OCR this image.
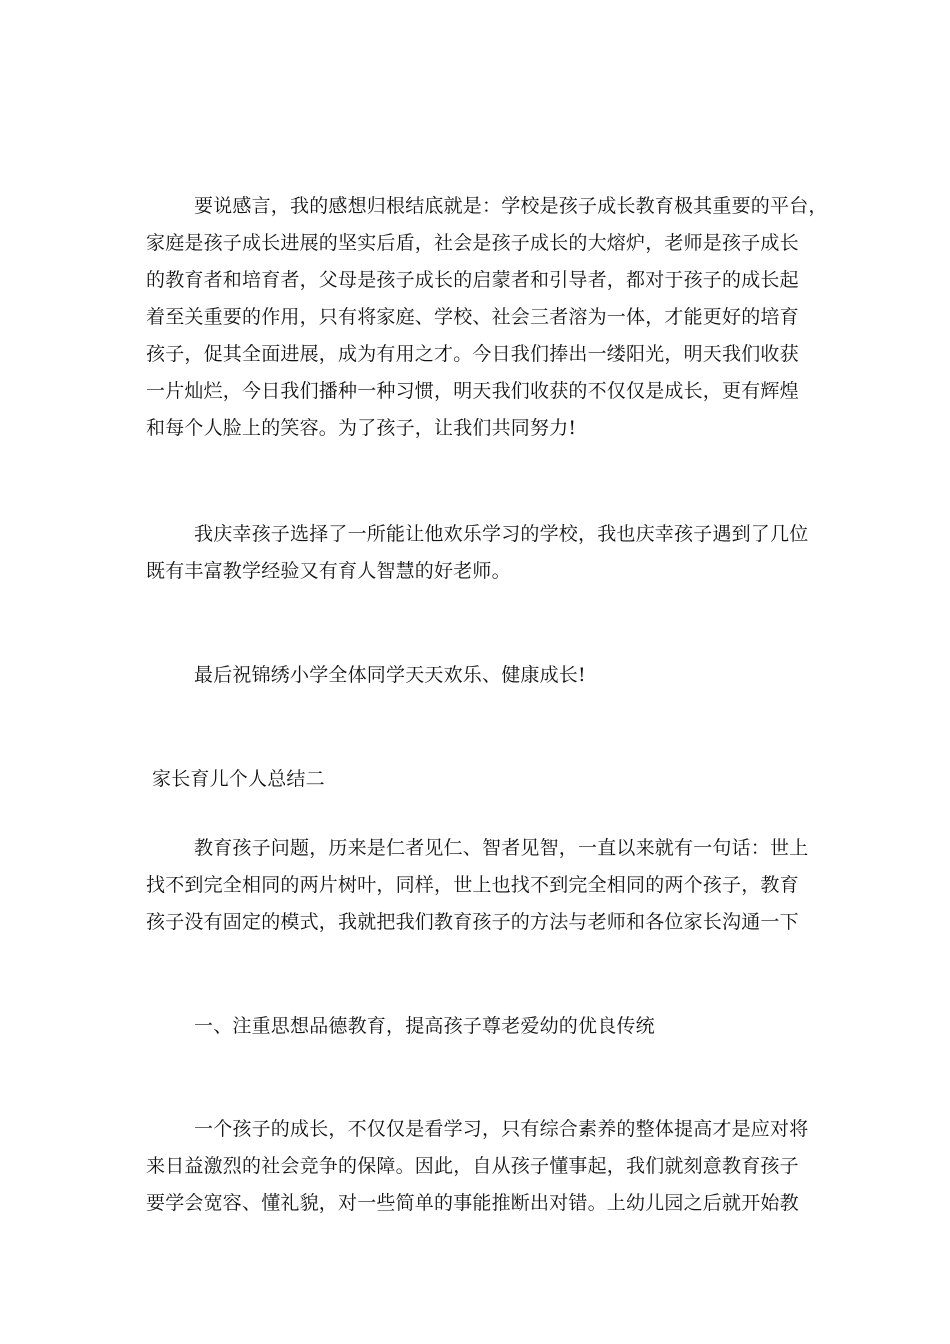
要说感言，我的感想归根结底就是：学校是孩子成长教育极其重要的平台，
家庭是孩子成长进展的坚实后盾，社会是孩子成长的大熔炉，老师是孩子成长
的教育者和培育者，父母是孩子成长的启蒙者和引导者，都对于孩子的成长起
着至关重要的作用，只有将家庭、学校、社会三者溶为一体，才能更好的培育
孩子，促其全面进展，成为有用之才。今日我们捧出一缕阳光，明天我们收获
一片灿烂，今日我们播种一种习惯，明天我们收获的不仅仅是成长，更有辉煌
和每个人脸上的笑容。为了孩子，让我们共同努力!
我庆幸孩子选择了一所能让他欢乐学习的学校，我也庆幸孩子遇到了几位
既有丰富教学经验又有育人智慧的好老师。
最后祝锦绣小学全体同学天天欢乐、健康成长!
家长育儿个人总结二
教育孩子问题，历来是仁者见仁、智者见智，一直以来就有一句话：世上
找不到完全相同的两片树叶，同样，世上也找不到完全相同的两个孩子，教育
孩子没有固定的模式，我就把我们教育孩子的方法与老师和各位家长沟通一下
一、注重思想品德教育，提高孩子尊老爱幼的优良传统
一个孩子的成长，不仅仅是看学习，只有综合素养的整体提高才是应对将
来日益激烈的社会竞争的保障。因此，自从孩子懂事起，我们就刻意教育孩子
要学会宽容、懂礼貌，对一些简单的事能推断出对错。上幼儿园之后就开始教
